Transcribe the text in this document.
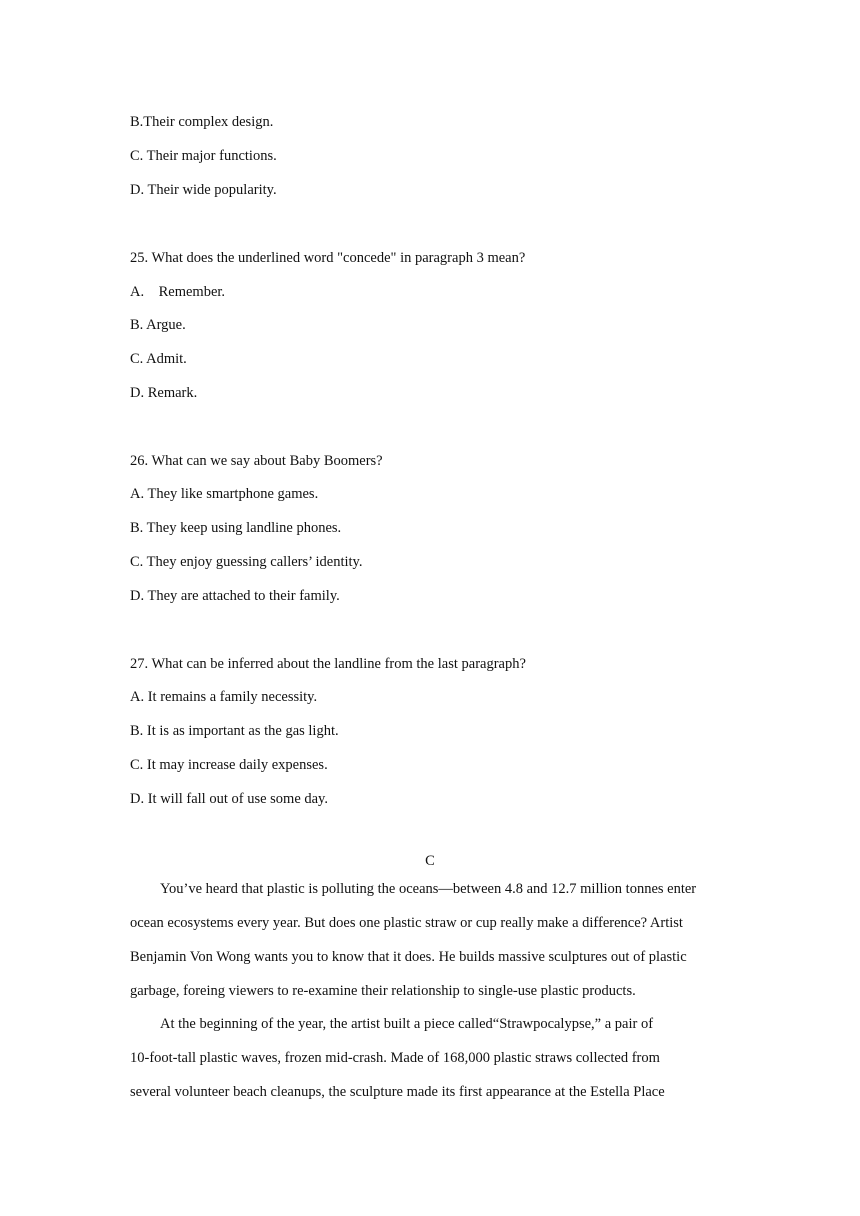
B.Their complex design.
C. Their major functions.
D. Their wide popularity.
25. What does the underlined word "concede" in paragraph 3 mean?
A.　Remember.
B. Argue.
C. Admit.
D. Remark.
26. What can we say about Baby Boomers?
A. They like smartphone games.
B. They keep using landline phones.
C. They enjoy guessing callers’ identity.
D. They are attached to their family.
27. What can be inferred about the landline from the last paragraph?
A. It remains a family necessity.
B. It is as important as the gas light.
C. It may increase daily expenses.
D. It will fall out of use some day.
C
You’ve heard that plastic is polluting the oceans—between 4.8 and 12.7 million tonnes enter
ocean ecosystems every year. But does one plastic straw or cup really make a difference? Artist
Benjamin Von Wong wants you to know that it does. He builds massive sculptures out of plastic
garbage, foreing viewers to re-examine their relationship to single-use plastic products.
At the beginning of the year, the artist built a piece called“Strawpocalypse,” a pair of
10-foot-tall plastic waves, frozen mid-crash. Made of 168,000 plastic straws collected from
several volunteer beach cleanups, the sculpture made its first appearance at the Estella Place
